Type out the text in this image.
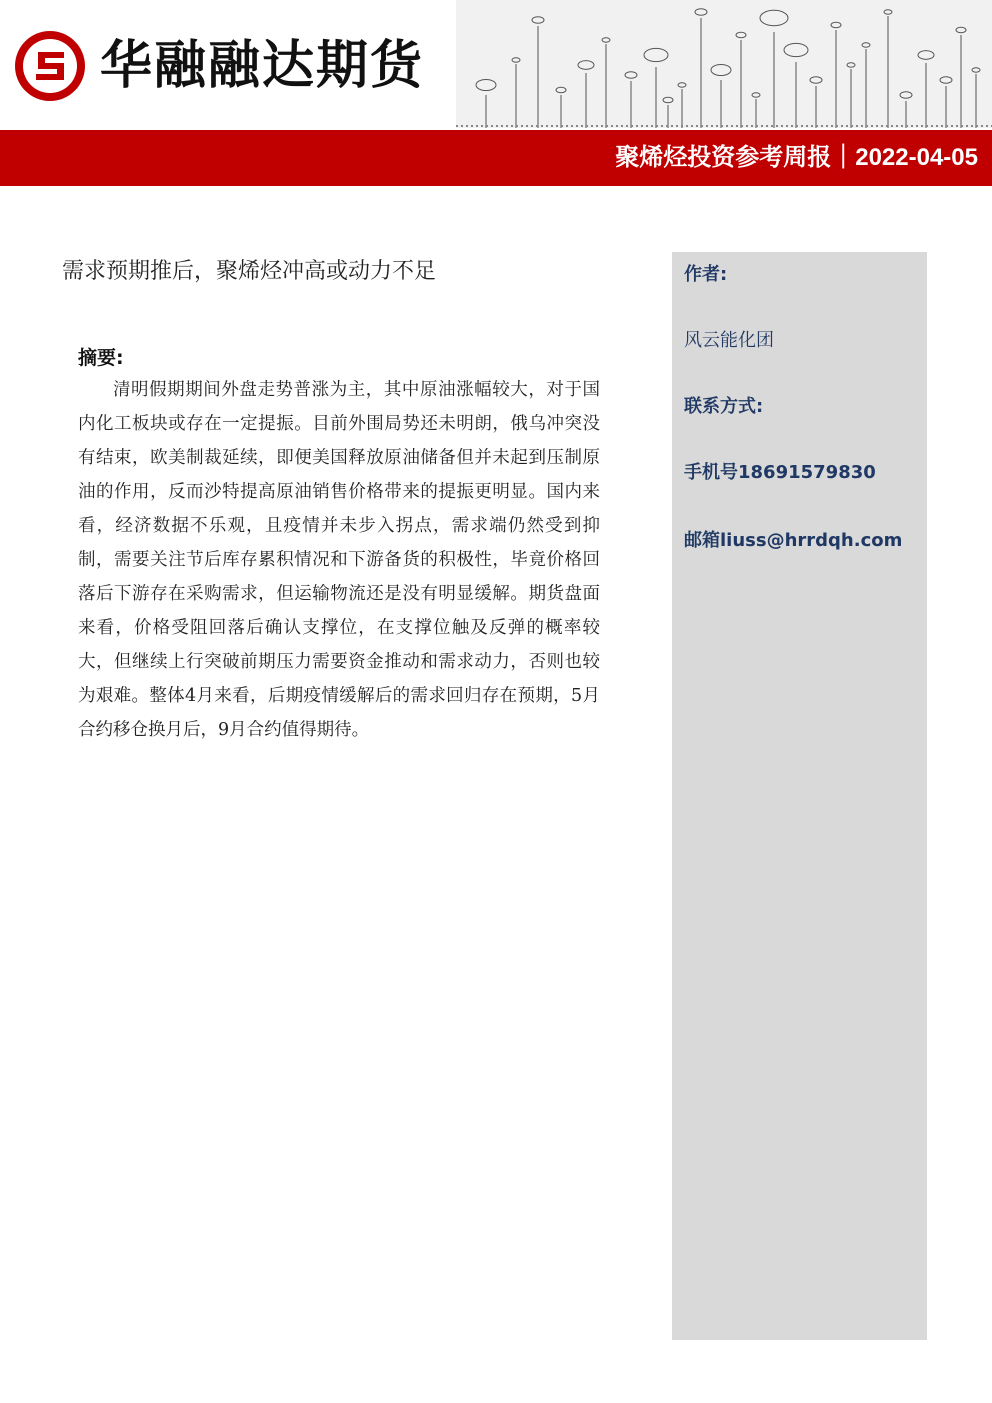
华融融达期货
聚烯烃投资参考周报｜2022-04-05
需求预期推后，聚烯烃冲高或动力不足
摘要:
清明假期期间外盘走势普涨为主，其中原油涨幅较大，对于国内化工板块或存在一定提振。目前外围局势还未明朗，俄乌冲突没有结束，欧美制裁延续，即便美国释放原油储备但并未起到压制原油的作用，反而沙特提高原油销售价格带来的提振更明显。国内来看，经济数据不乐观，且疫情并未步入拐点，需求端仍然受到抑制，需要关注节后库存累积情况和下游备货的积极性，毕竟价格回落后下游存在采购需求，但运输物流还是没有明显缓解。期货盘面来看，价格受阻回落后确认支撑位，在支撑位触及反弹的概率较大，但继续上行突破前期压力需要资金推动和需求动力，否则也较为艰难。整体4月来看，后期疫情缓解后的需求回归存在预期，5月合约移仓换月后，9月合约值得期待。
作者:
风云能化团
联系方式:
手机号18691579830
邮箱liuss@hrrdqh.com
